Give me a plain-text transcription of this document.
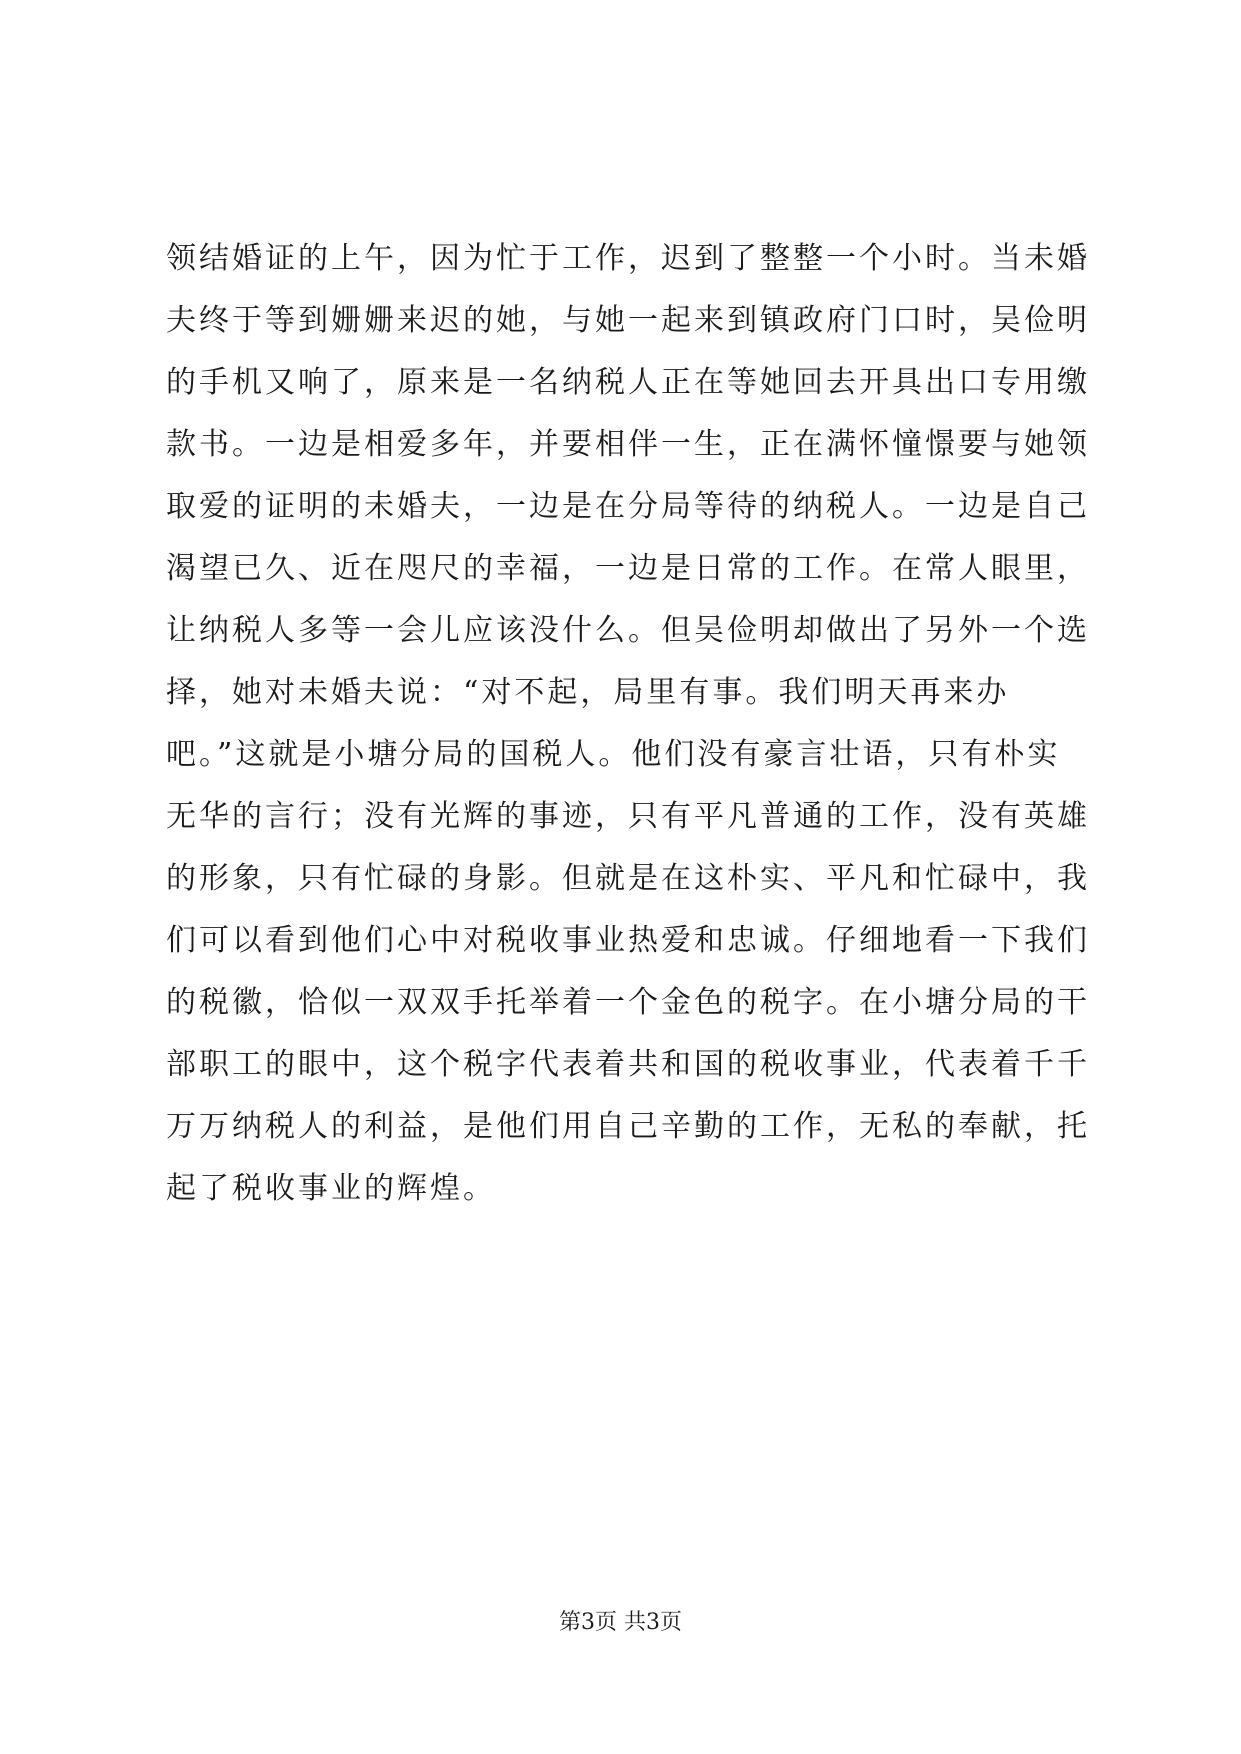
领结婚证的上午，因为忙于工作，迟到了整整一个小时。当未婚
夫终于等到姗姗来迟的她，与她一起来到镇政府门口时，吴俭明
的手机又响了，原来是一名纳税人正在等她回去开具出口专用缴
款书。一边是相爱多年，并要相伴一生，正在满怀憧憬要与她领
取爱的证明的未婚夫，一边是在分局等待的纳税人。一边是自己
渴望已久、近在咫尺的幸福，一边是日常的工作。在常人眼里，
让纳税人多等一会儿应该没什么。但吴俭明却做出了另外一个选
择，她对未婚夫说：“对不起，局里有事。我们明天再来办
吧。”这就是小塘分局的国税人。他们没有豪言壮语，只有朴实
无华的言行；没有光辉的事迹，只有平凡普通的工作，没有英雄
的形象，只有忙碌的身影。但就是在这朴实、平凡和忙碌中，我
们可以看到他们心中对税收事业热爱和忠诚。仔细地看一下我们
的税徽，恰似一双双手托举着一个金色的税字。在小塘分局的干
部职工的眼中，这个税字代表着共和国的税收事业，代表着千千
万万纳税人的利益，是他们用自己辛勤的工作，无私的奉献，托
起了税收事业的辉煌。
第3页 共3页
